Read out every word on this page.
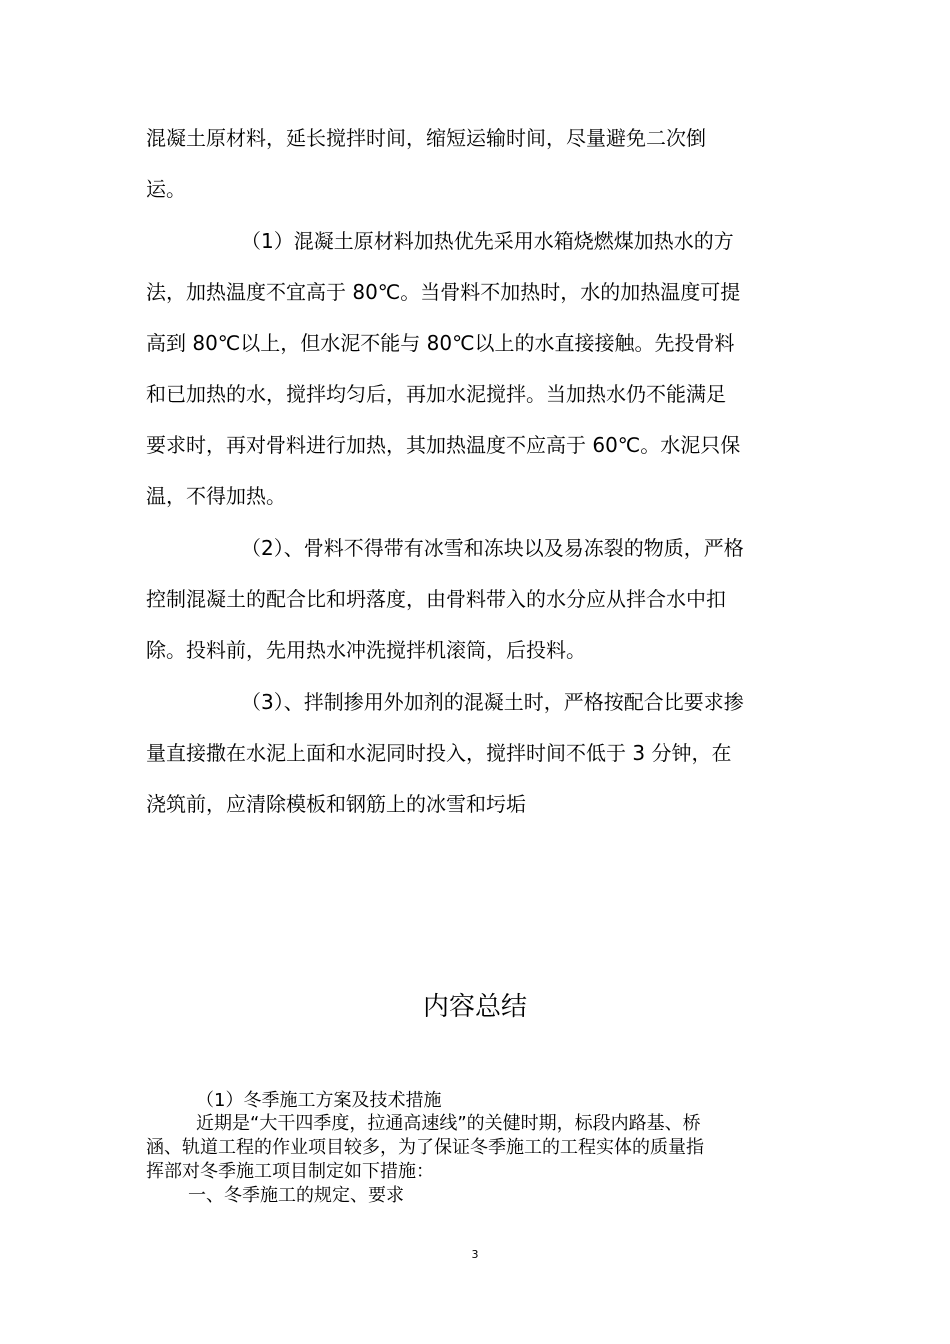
混凝土原材料，延长搅拌时间，缩短运输时间，尽量避免二次倒
运。
（1）混凝土原材料加热优先采用水箱烧燃煤加热水的方
法，加热温度不宜高于 80℃。当骨料不加热时，水的加热温度可提
高到 80℃以上，但水泥不能与 80℃以上的水直接接触。先投骨料
和已加热的水，搅拌均匀后，再加水泥搅拌。当加热水仍不能满足
要求时，再对骨料进行加热，其加热温度不应高于 60℃。水泥只保
温，不得加热。
（2）、骨料不得带有冰雪和冻块以及易冻裂的物质，严格
控制混凝土的配合比和坍落度，由骨料带入的水分应从拌合水中扣
除。投料前，先用热水冲洗搅拌机滚筒，后投料。
（3）、拌制掺用外加剂的混凝土时，严格按配合比要求掺
量直接撒在水泥上面和水泥同时投入，搅拌时间不低于 3 分钟，在
浇筑前，应清除模板和钢筋上的冰雪和圬垢
内容总结
（1）冬季施工方案及技术措施
近期是“大干四季度，拉通高速线”的关健时期，标段内路基、桥
涵、轨道工程的作业项目较多，为了保证冬季施工的工程实体的质量指
挥部对冬季施工项目制定如下措施：
一、冬季施工的规定、要求
3
